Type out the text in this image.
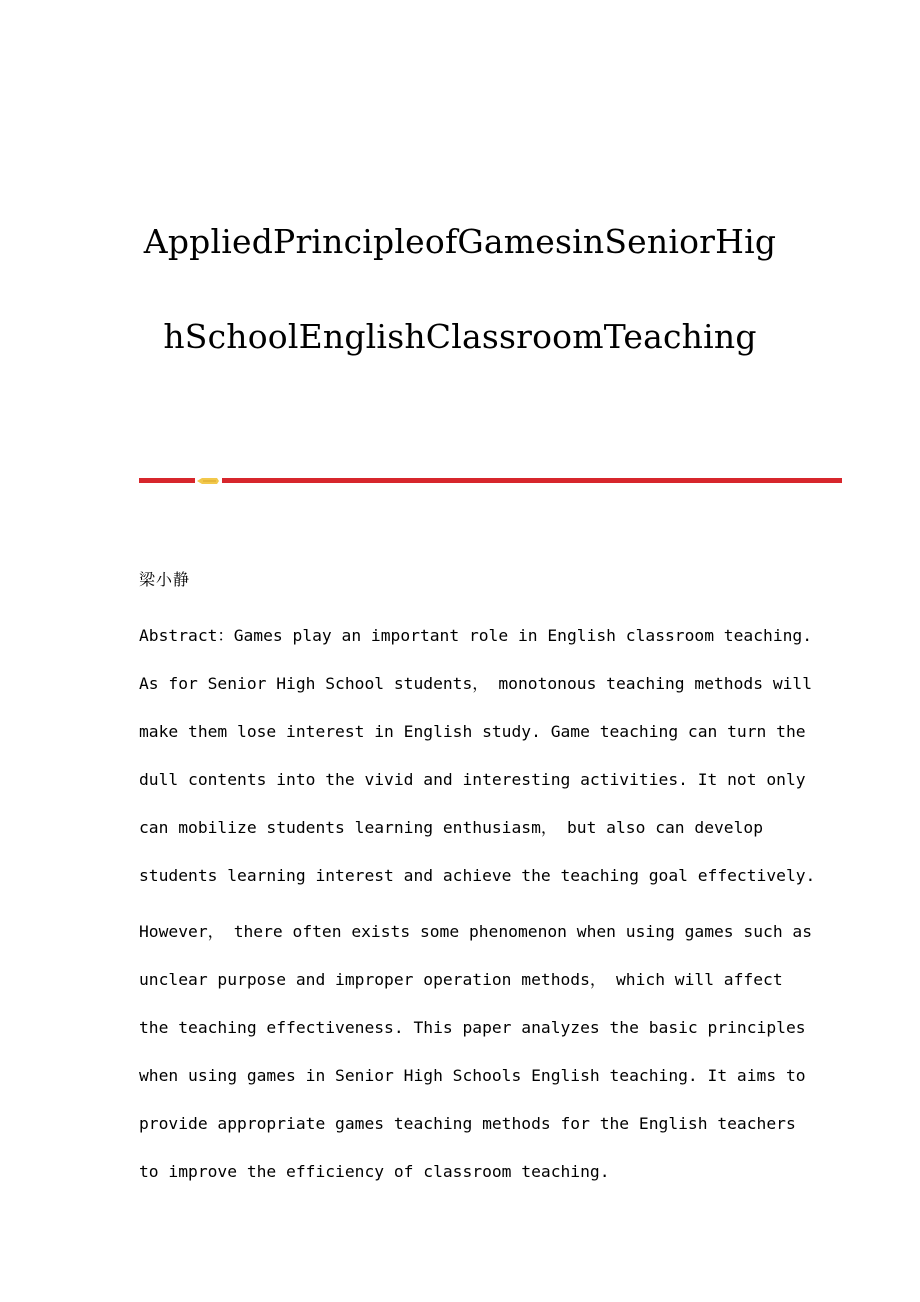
AppliedPrincipleofGamesinSeniorHig
hSchoolEnglishClassroomTeaching
梁小静
Abstract：Games play an important role in English classroom teaching.
As for Senior High School students， monotonous teaching methods will
make them lose interest in English study. Game teaching can turn the
dull contents into the vivid and interesting activities. It not only
can mobilize students learning enthusiasm， but also can develop
students learning interest and achieve the teaching goal effectively.
However， there often exists some phenomenon when using games such as
unclear purpose and improper operation methods， which will affect
the teaching effectiveness. This paper analyzes the basic principles
when using games in Senior High Schools English teaching. It aims to
provide appropriate games teaching methods for the English teachers
to improve the efficiency of classroom teaching.
